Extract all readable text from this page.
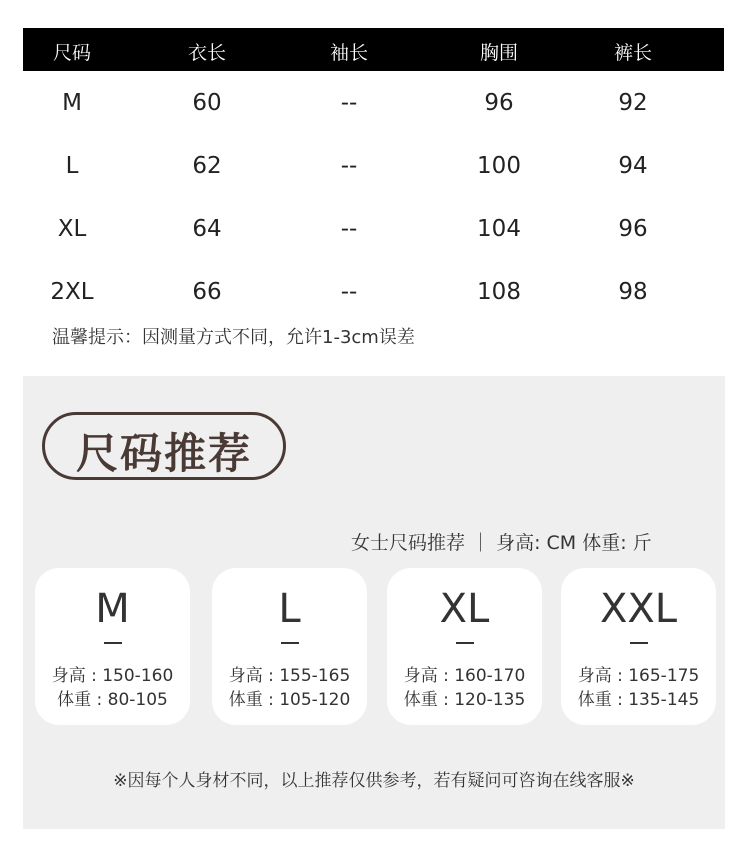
尺码	衣长	袖长	胸围	裤长
M	60	--	96	92
L	62	--	100	94
XL	64	--	104	96
2XL	66	--	108	98
温馨提示：因测量方式不同，允许1-3cm误差
尺码推荐
女士尺码推荐 ｜ 身高: CM 体重: 斤
M
身高 : 150-160
体重 : 80-105
L
身高 : 155-165
体重 : 105-120
XL
身高 : 160-170
体重 : 120-135
XXL
身高 : 165-175
体重 : 135-145
※因每个人身材不同，以上推荐仅供参考，若有疑问可咨询在线客服※
